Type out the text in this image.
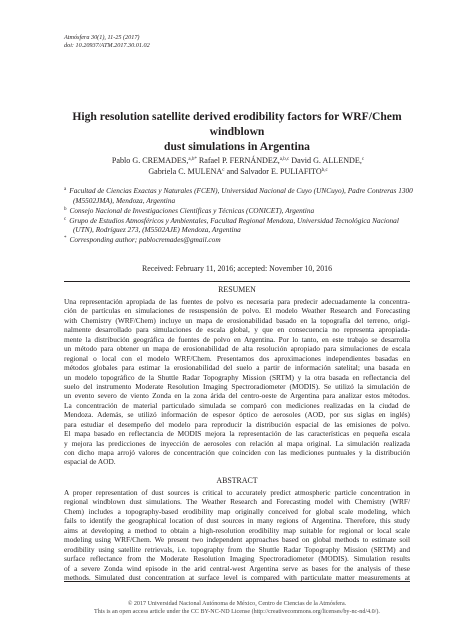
Atmósfera 30(1), 11-25 (2017)
doi: 10.20937/ATM.2017.30.01.02
High resolution satellite derived erodibility factors for WRF/Chem windblown
dust simulations in Argentina
Pablo G. CREMADES,$^{a,b*}$ Rafael P. FERNÁNDEZ,$^{a,b,c}$ David G. ALLENDE,$^c$
Gabriela C. MULENA$^c$ and Salvador E. PULIAFITO$^{b,c}$
$^a$ Facultad de Ciencias Exactas y Naturales (FCEN), Universidad Nacional de Cuyo (UNCuyo), Padre Contreras 1300
(M5502JMA), Mendoza, Argentina
$^b$ Consejo Nacional de Investigaciones Científicas y Técnicas (CONICET), Argentina
$^c$ Grupo de Estudios Atmosféricos y Ambientales, Facultad Regional Mendoza, Universidad Tecnológica Nacional
(UTN), Rodríguez 273, (M5502AJE) Mendoza, Argentina
* Corresponding author; pablocremades@gmail.com
Received: February 11, 2016; accepted: November 10, 2016
RESUMEN
Una representación apropiada de las fuentes de polvo es necesaria para predecir adecuadamente la concentra-
ción de partículas en simulaciones de resuspensión de polvo. El modelo Weather Research and Forecasting
with Chemistry (WRF/Chem) incluye un mapa de erosionabilidad basado en la topografía del terreno, origi-
nalmente desarrollado para simulaciones de escala global, y que en consecuencia no representa apropiada-
mente la distribución geográfica de fuentes de polvo en Argentina. Por lo tanto, en este trabajo se desarrolla
un método para obtener un mapa de erosionabilidad de alta resolución apropiado para simulaciones de escala
regional o local con el modelo WRF/Chem. Presentamos dos aproximaciones independientes basadas en
métodos globales para estimar la erosionabilidad del suelo a partir de información satelital; una basada en
un modelo topográfico de la Shuttle Radar Topography Mission (SRTM) y la otra basada en reflectancia del
suelo del instrumento Moderate Resolution Imaging Spectroradiometer (MODIS). Se utilizó la simulación de
un evento severo de viento Zonda en la zona árida del centro-oeste de Argentina para analizar estos métodos.
La concentración de material particulado simulada se comparó con mediciones realizadas en la ciudad de
Mendoza. Además, se utilizó información de espesor óptico de aerosoles (AOD, por sus siglas en inglés)
para estudiar el desempeño del modelo para reproducir la distribución espacial de las emisiones de polvo.
El mapa basado en reflectancia de MODIS mejora la representación de las características en pequeña escala
y mejora las predicciones de inyección de aerosoles con relación al mapa original. La simulación realizada
con dicho mapa arrojó valores de concentración que coinciden con las mediciones puntuales y la distribución
espacial de AOD.
ABSTRACT
A proper representation of dust sources is critical to accurately predict atmospheric particle concentration in
regional windblown dust simulations. The Weather Research and Forecasting model with Chemistry (WRF/
Chem) includes a topography-based erodibility map originally conceived for global scale modeling, which
fails to identify the geographical location of dust sources in many regions of Argentina. Therefore, this study
aims at developing a method to obtain a high-resolution erodibility map suitable for regional or local scale
modeling using WRF/Chem. We present two independent approaches based on global methods to estimate soil
erodibility using satellite retrievals, i.e. topography from the Shuttle Radar Topography Mission (SRTM) and
surface reflectance from the Moderate Resolution Imaging Spectroradiometer (MODIS). Simulation results
of a severe Zonda wind episode in the arid central-west Argentina serve as bases for the analysis of these
methods. Simulated dust concentration at surface level is compared with particulate matter measurements at
© 2017 Universidad Nacional Autónoma de México, Centro de Ciencias de la Atmósfera.
This is an open access article under the CC BY-NC-ND License (http://creativecommons.org/licenses/by-nc-nd/4.0/).
